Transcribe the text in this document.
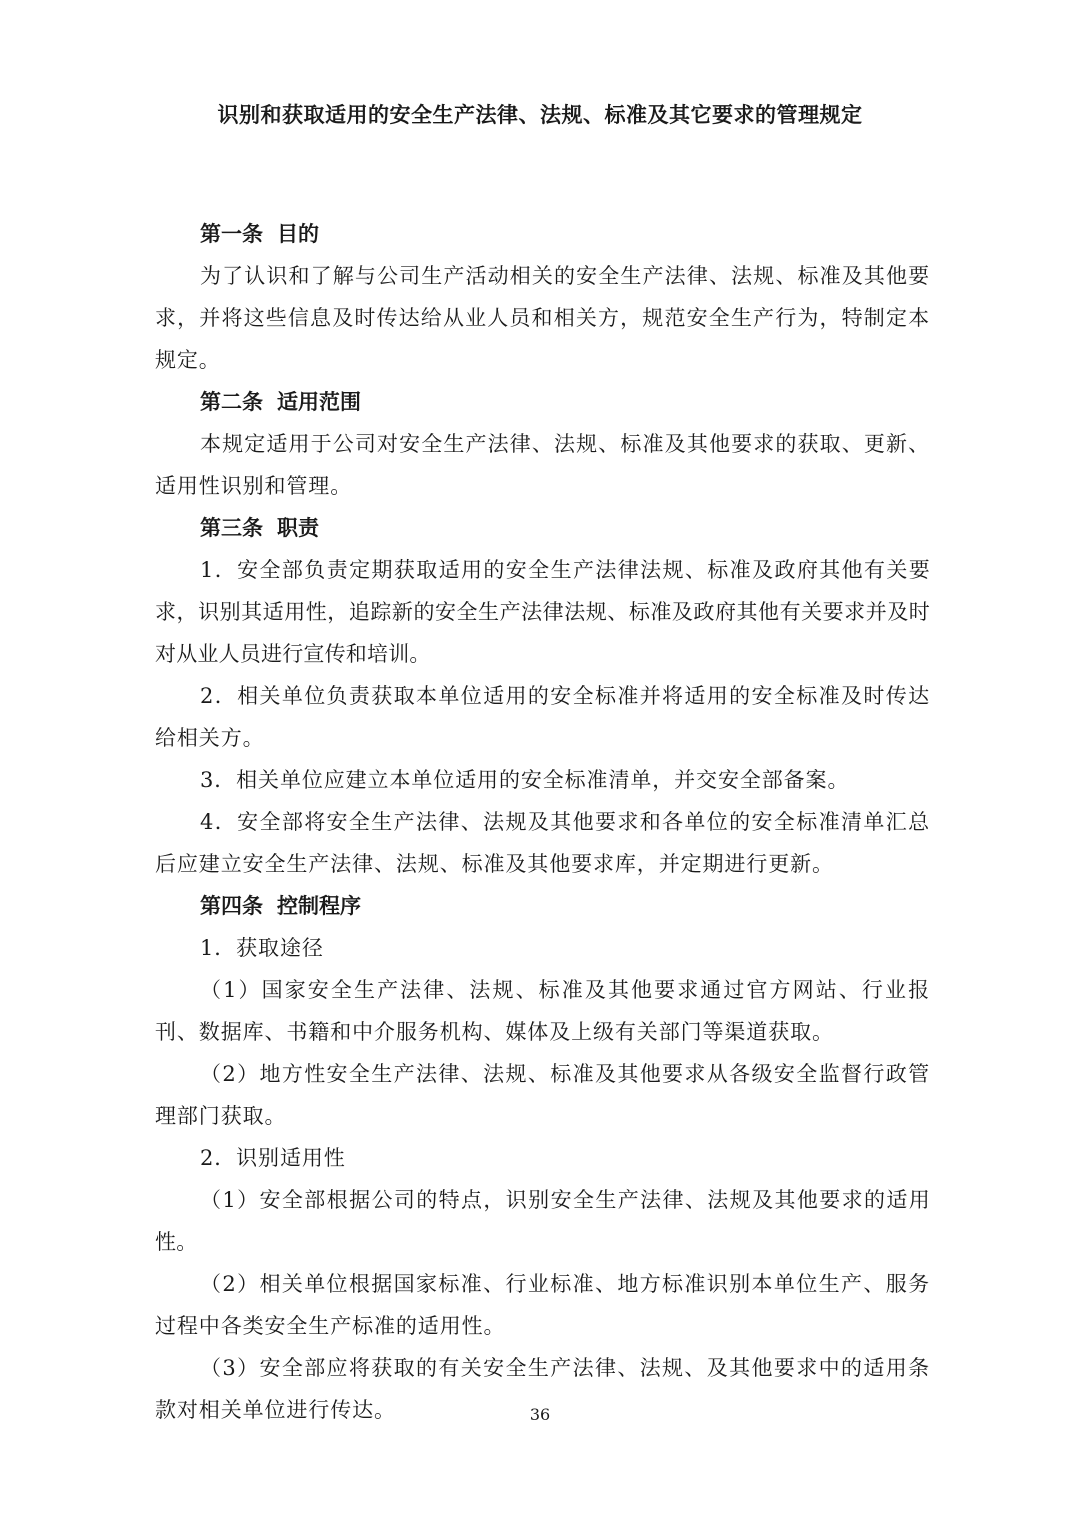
识别和获取适用的安全生产法律、法规、标准及其它要求的管理规定

第一条 目的

为了认识和了解与公司生产活动相关的安全生产法律、法规、标准及其他要求，并将这些信息及时传达给从业人员和相关方，规范安全生产行为，特制定本规定。

第二条 适用范围

本规定适用于公司对安全生产法律、法规、标准及其他要求的获取、更新、适用性识别和管理。

第三条 职责

1．安全部负责定期获取适用的安全生产法律法规、标准及政府其他有关要求，识别其适用性，追踪新的安全生产法律法规、标准及政府其他有关要求并及时对从业人员进行宣传和培训。

2．相关单位负责获取本单位适用的安全标准并将适用的安全标准及时传达给相关方。

3．相关单位应建立本单位适用的安全标准清单，并交安全部备案。

4．安全部将安全生产法律、法规及其他要求和各单位的安全标准清单汇总后应建立安全生产法律、法规、标准及其他要求库，并定期进行更新。

第四条 控制程序

1．获取途径

（1）国家安全生产法律、法规、标准及其他要求通过官方网站、行业报刊、数据库、书籍和中介服务机构、媒体及上级有关部门等渠道获取。

（2）地方性安全生产法律、法规、标准及其他要求从各级安全监督行政管理部门获取。

2．识别适用性

（1）安全部根据公司的特点，识别安全生产法律、法规及其他要求的适用性。

（2）相关单位根据国家标准、行业标准、地方标准识别本单位生产、服务过程中各类安全生产标准的适用性。

（3）安全部应将获取的有关安全生产法律、法规、及其他要求中的适用条款对相关单位进行传达。	36
